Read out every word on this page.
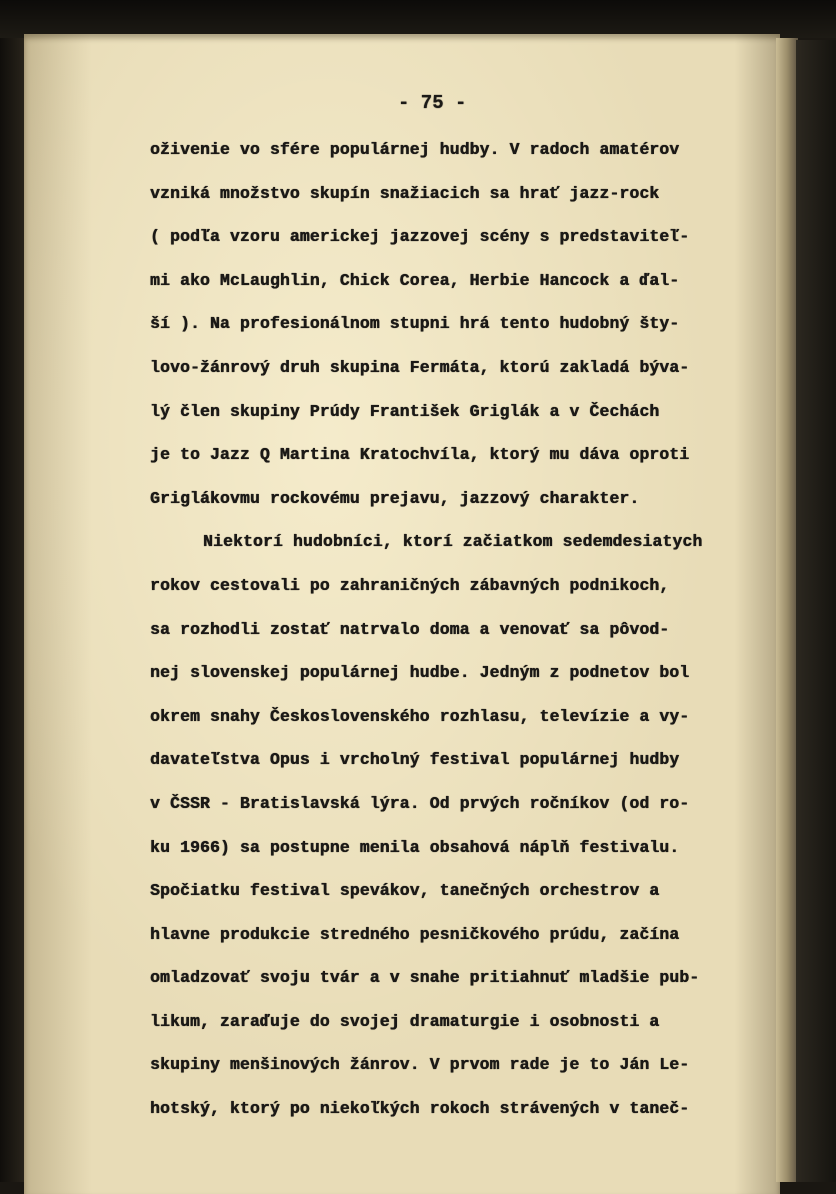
- 75 -
oživenie vo sfére populárnej hudby. V radoch amatérov
vzniká množstvo skupín snažiacich sa hrať jazz-rock
( podľa vzoru americkej jazzovej scény s predstaviteľ-
mi ako McLaughlin, Chick Corea, Herbie Hancock a ďal-
ší ). Na profesionálnom stupni hrá tento hudobný šty-
lovo-žánrový druh skupina Fermáta, ktorú zakladá býva-
lý člen skupiny Prúdy František Griglák a v Čechách
je to Jazz Q Martina Kratochvíla, ktorý mu dáva oproti
Griglákovmu rockovému prejavu, jazzový charakter.
Niektorí hudobníci, ktorí začiatkom sedemdesiatych
rokov cestovali po zahraničných zábavných podnikoch,
sa rozhodli zostať natrvalo doma a venovať sa pôvod-
nej slovenskej populárnej hudbe. Jedným z podnetov bol
okrem snahy Československého rozhlasu, televízie a vy-
davateľstva Opus i vrcholný festival populárnej hudby
v ČSSR - Bratislavská lýra. Od prvých ročníkov (od ro-
ku 1966) sa postupne menila obsahová náplň festivalu.
Spočiatku festival spevákov, tanečných orchestrov a
hlavne produkcie stredného pesničkového prúdu, začína
omladzovať svoju tvár a v snahe pritiahnuť mladšie pub-
likum, zaraďuje do svojej dramaturgie i osobnosti a
skupiny menšinových žánrov. V prvom rade je to Ján Le-
hotský, ktorý po niekoľkých rokoch strávených v taneč-
